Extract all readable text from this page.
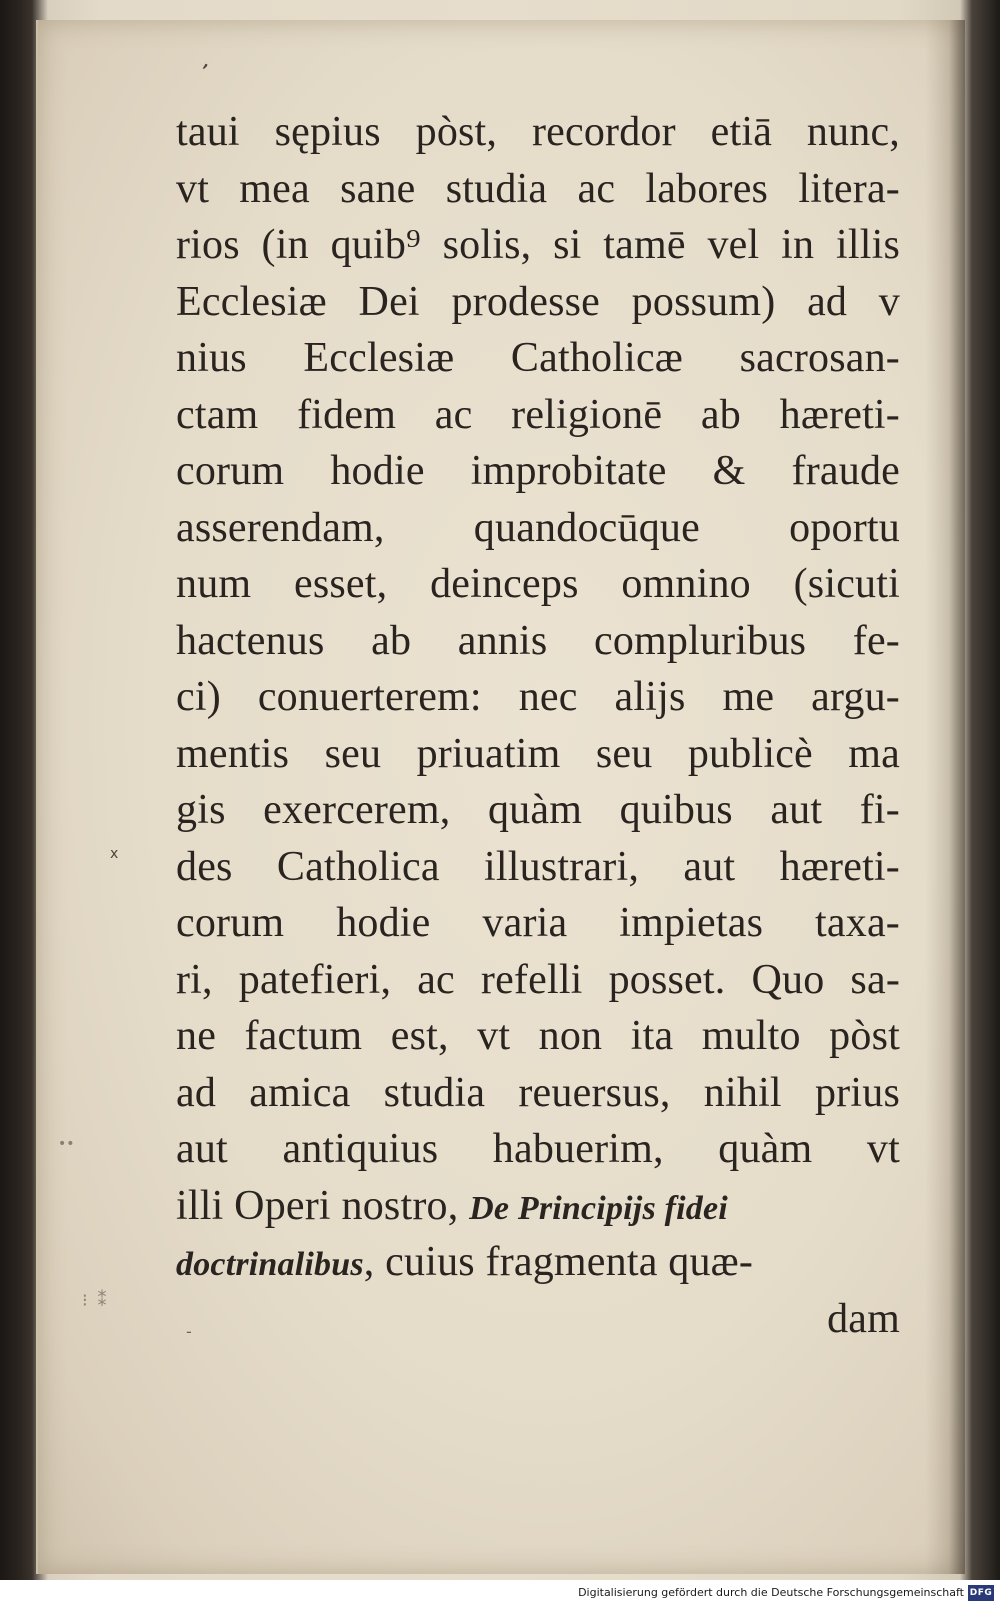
,
x
••
⁝ ⁑
-
taui sępius pòst, recordor etiā nunc,
vt mea sane studia ac labores litera-
rios (in quib⁹ solis, si tamē vel in illis
Ecclesiæ Dei prodesse possum) ad v
nius Ecclesiæ Catholicæ sacrosan-
ctam fidem ac religionē ab hæreti-
corum hodie improbitate & fraude
asserendam, quandocūque oportu
num esset, deinceps omnino (sicuti
hactenus ab annis compluribus fe-
ci) conuerterem: nec alijs me argu-
mentis seu priuatim seu publicè ma
gis exercerem, quàm quibus aut fi-
des Catholica illustrari, aut hæreti-
corum hodie varia impietas taxa-
ri, patefieri, ac refelli posset. Quo sa-
ne factum est, vt non ita multo pòst
ad amica studia reuersus, nihil prius
aut antiquius habuerim, quàm vt
illi Operi nostro, De Principijs fidei
doctrinalibus, cuius fragmenta quæ-
dam
Digitalisierung gefördert durch die Deutsche Forschungsgemeinschaft DFG
